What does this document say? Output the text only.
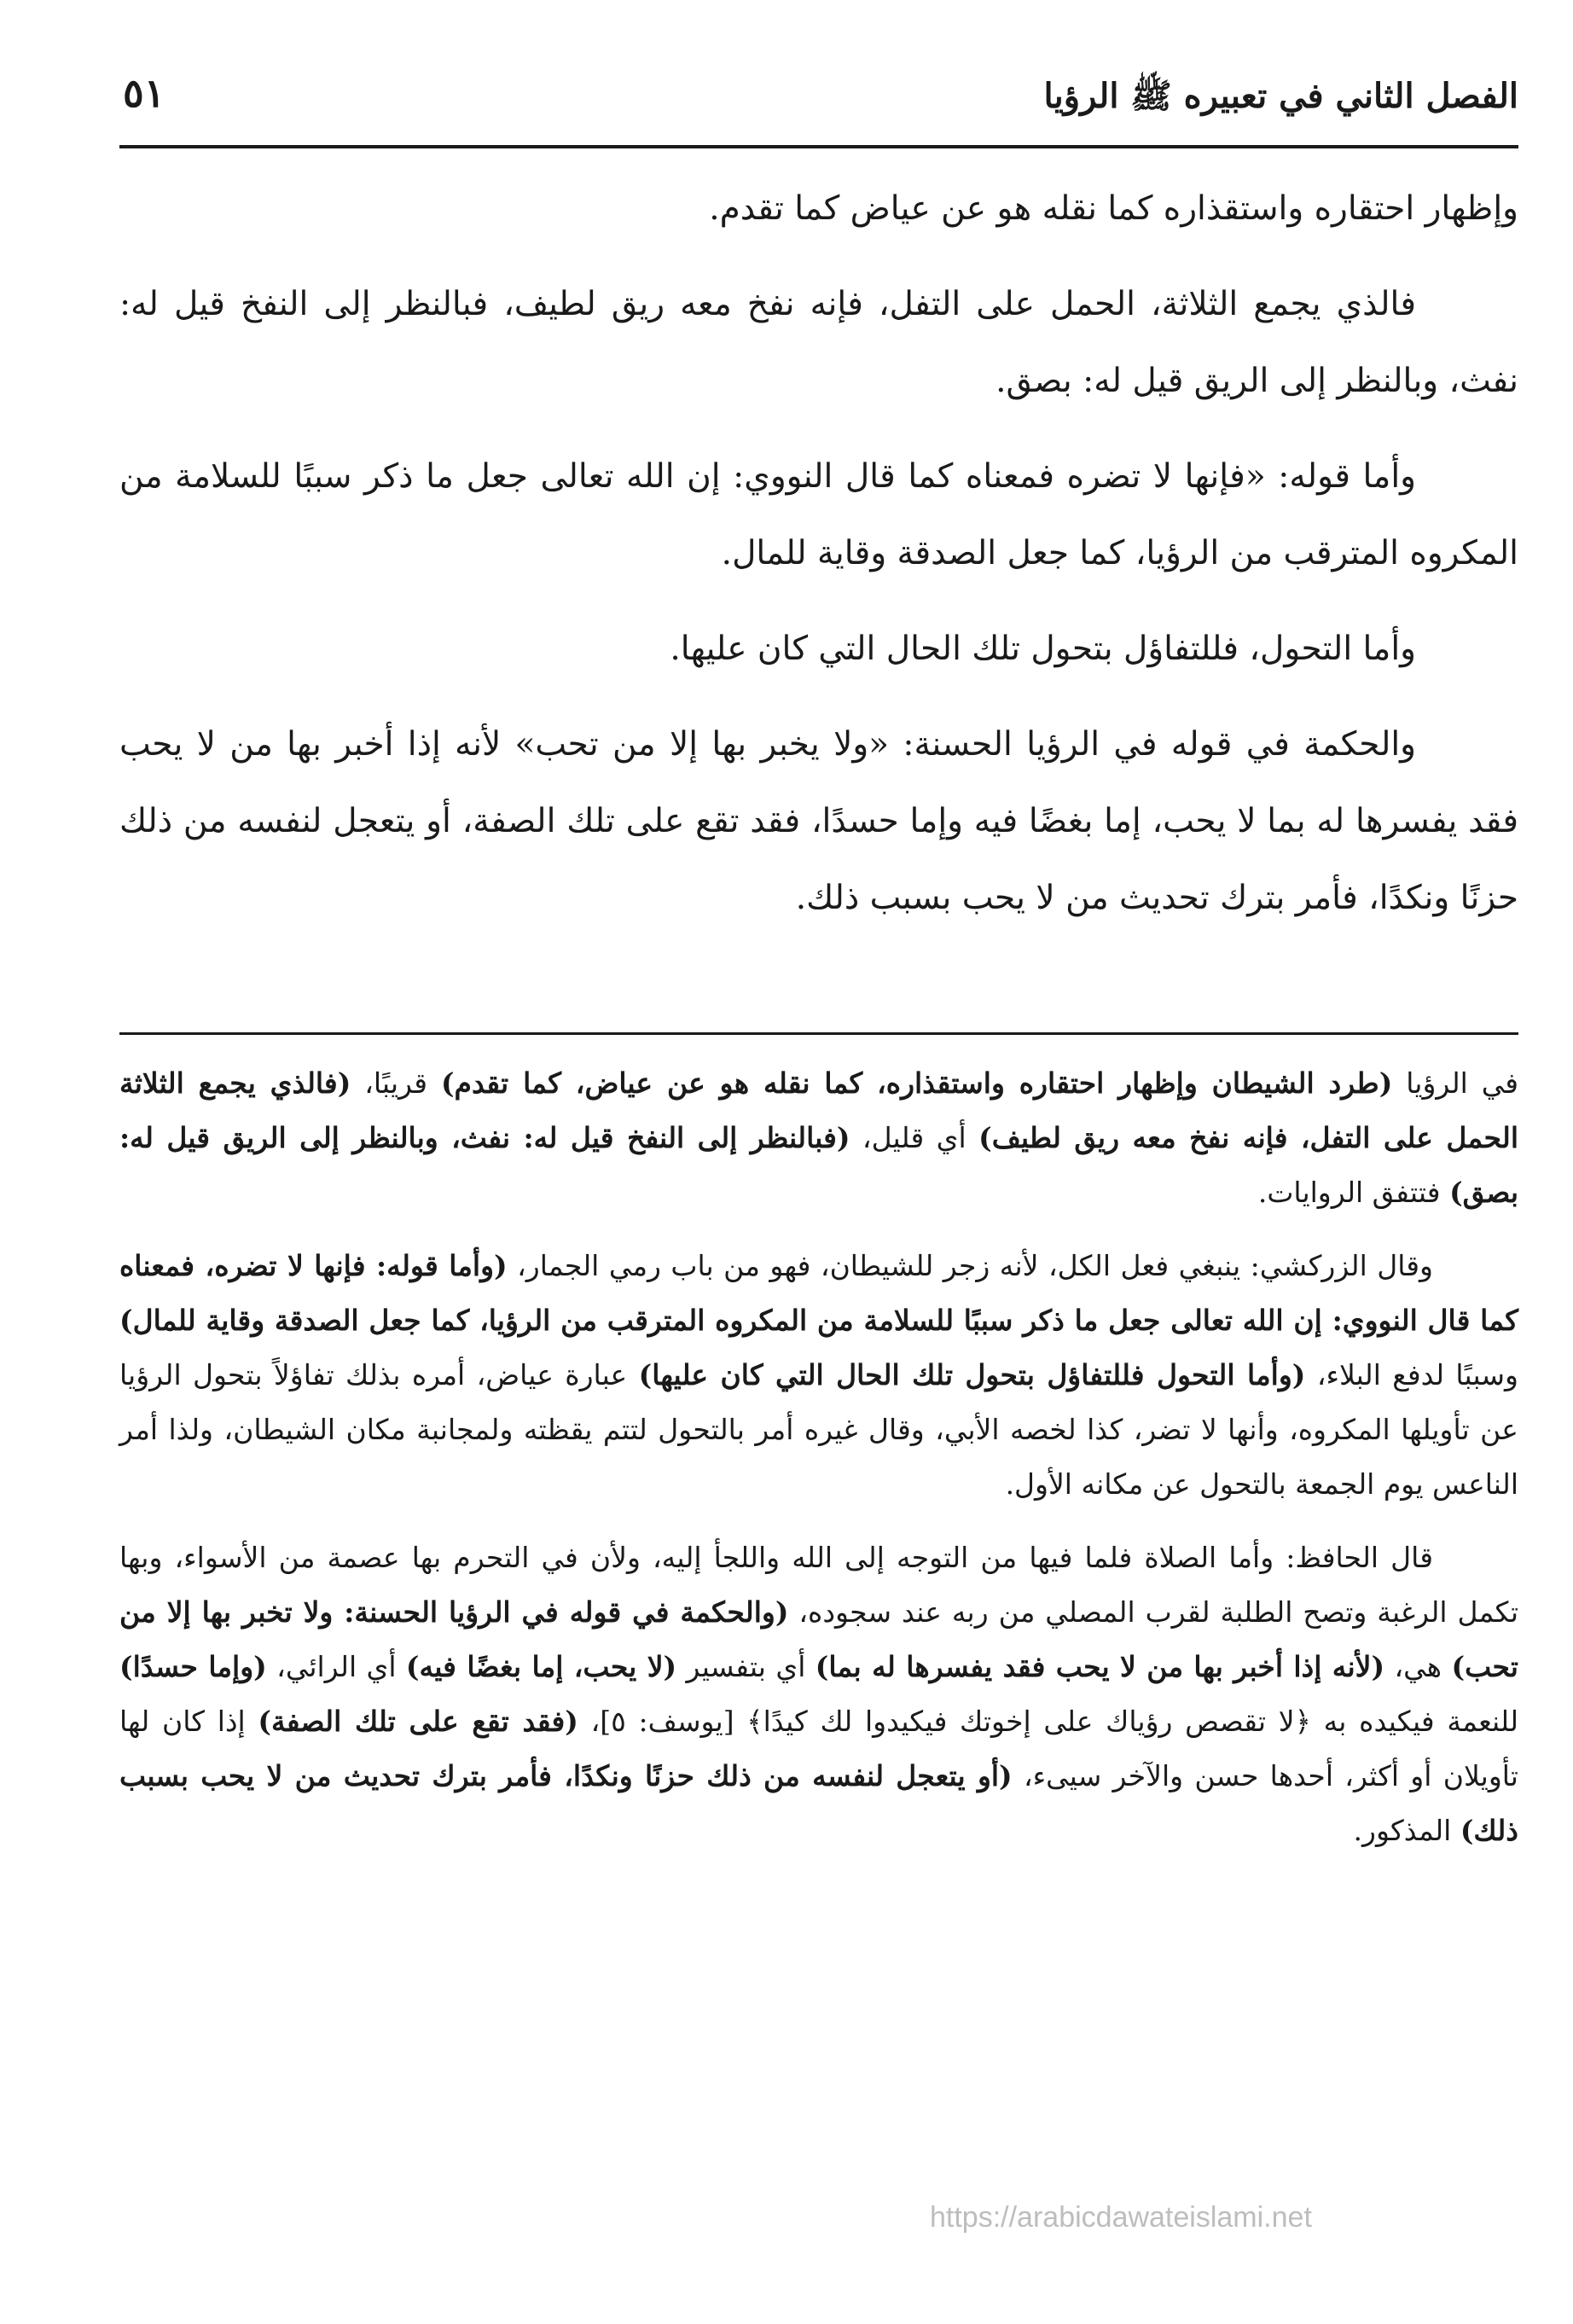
الفصل الثاني في تعبيره ﷺ الرؤيا
٥١

وإظهار احتقاره واستقذاره كما نقله هو عن عياض كما تقدم.

فالذي يجمع الثلاثة، الحمل على التفل، فإنه نفخ معه ريق لطيف، فبالنظر إلى النفخ قيل له: نفث، وبالنظر إلى الريق قيل له: بصق.

وأما قوله: «فإنها لا تضره فمعناه كما قال النووي: إن الله تعالى جعل ما ذكر سببًا للسلامة من المكروه المترقب من الرؤيا، كما جعل الصدقة وقاية للمال.

وأما التحول، فللتفاؤل بتحول تلك الحال التي كان عليها.

والحكمة في قوله في الرؤيا الحسنة: «ولا يخبر بها إلا من تحب» لأنه إذا أخبر بها من لا يحب فقد يفسرها له بما لا يحب، إما بغضًا فيه وإما حسدًا، فقد تقع على تلك الصفة، أو يتعجل لنفسه من ذلك حزنًا ونكدًا، فأمر بترك تحديث من لا يحب بسبب ذلك.

في الرؤيا (طرد الشيطان وإظهار احتقاره واستقذاره، كما نقله هو عن عياض، كما تقدم) قريبًا، (فالذي يجمع الثلاثة الحمل على التفل، فإنه نفخ معه ريق لطيف) أي قليل، (فبالنظر إلى النفخ قيل له: نفث، وبالنظر إلى الريق قيل له: بصق) فتتفق الروايات.

وقال الزركشي: ينبغي فعل الكل، لأنه زجر للشيطان، فهو من باب رمي الجمار، (وأما قوله: فإنها لا تضره، فمعناه كما قال النووي: إن الله تعالى جعل ما ذكر سببًا للسلامة من المكروه المترقب من الرؤيا، كما جعل الصدقة وقاية للمال) وسببًا لدفع البلاء، (وأما التحول فللتفاؤل بتحول تلك الحال التي كان عليها) عبارة عياض، أمره بذلك تفاؤلاً بتحول الرؤيا عن تأويلها المكروه، وأنها لا تضر، كذا لخصه الأبي، وقال غيره أمر بالتحول لتتم يقظته ولمجانبة مكان الشيطان، ولذا أمر الناعس يوم الجمعة بالتحول عن مكانه الأول.

قال الحافظ: وأما الصلاة فلما فيها من التوجه إلى الله واللجأ إليه، ولأن في التحرم بها عصمة من الأسواء، وبها تكمل الرغبة وتصح الطلبة لقرب المصلي من ربه عند سجوده، (والحكمة في قوله في الرؤيا الحسنة: ولا تخبر بها إلا من تحب) هي، (لأنه إذا أخبر بها من لا يحب فقد يفسرها له بما) أي بتفسير (لا يحب، إما بغضًا فيه) أي الرائي، (وإما حسدًا) للنعمة فيكيده به ﴿لا تقصص رؤياك على إخوتك فيكيدوا لك كيدًا﴾ [يوسف: ٥]، (فقد تقع على تلك الصفة) إذا كان لها تأويلان أو أكثر، أحدها حسن والآخر سيىء، (أو يتعجل لنفسه من ذلك حزنًا ونكدًا، فأمر بترك تحديث من لا يحب بسبب ذلك) المذكور.

https://arabicdawateislami.net
